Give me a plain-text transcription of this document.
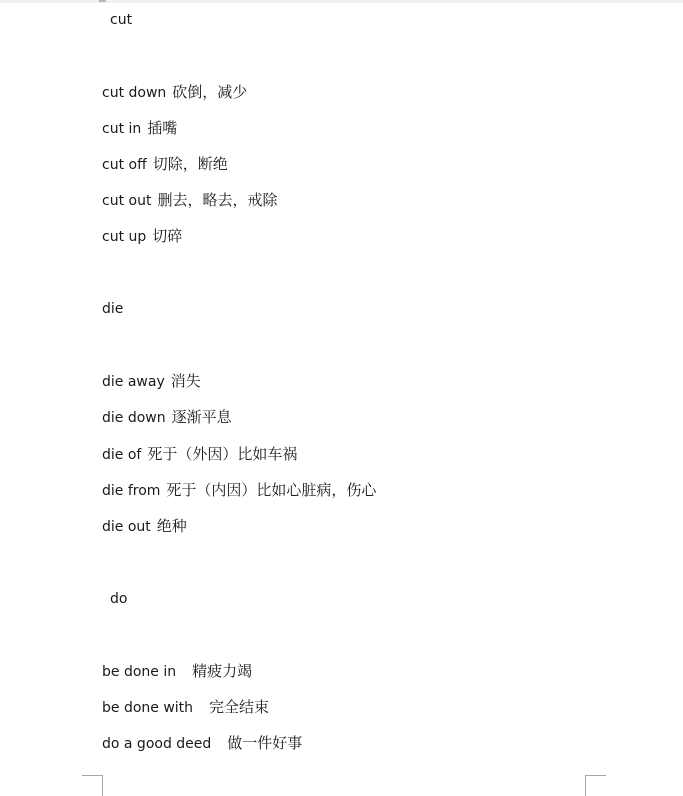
cut
cut down 砍倒，减少
cut in 插嘴
cut off 切除，断绝
cut out 删去，略去，戒除
cut up 切碎
die
die away 消失
die down 逐渐平息
die of 死于（外因）比如车祸
die from 死于（内因）比如心脏病，伤心
die out 绝种
do
be done in 精疲力竭
be done with 完全结束
do a good deed 做一件好事
